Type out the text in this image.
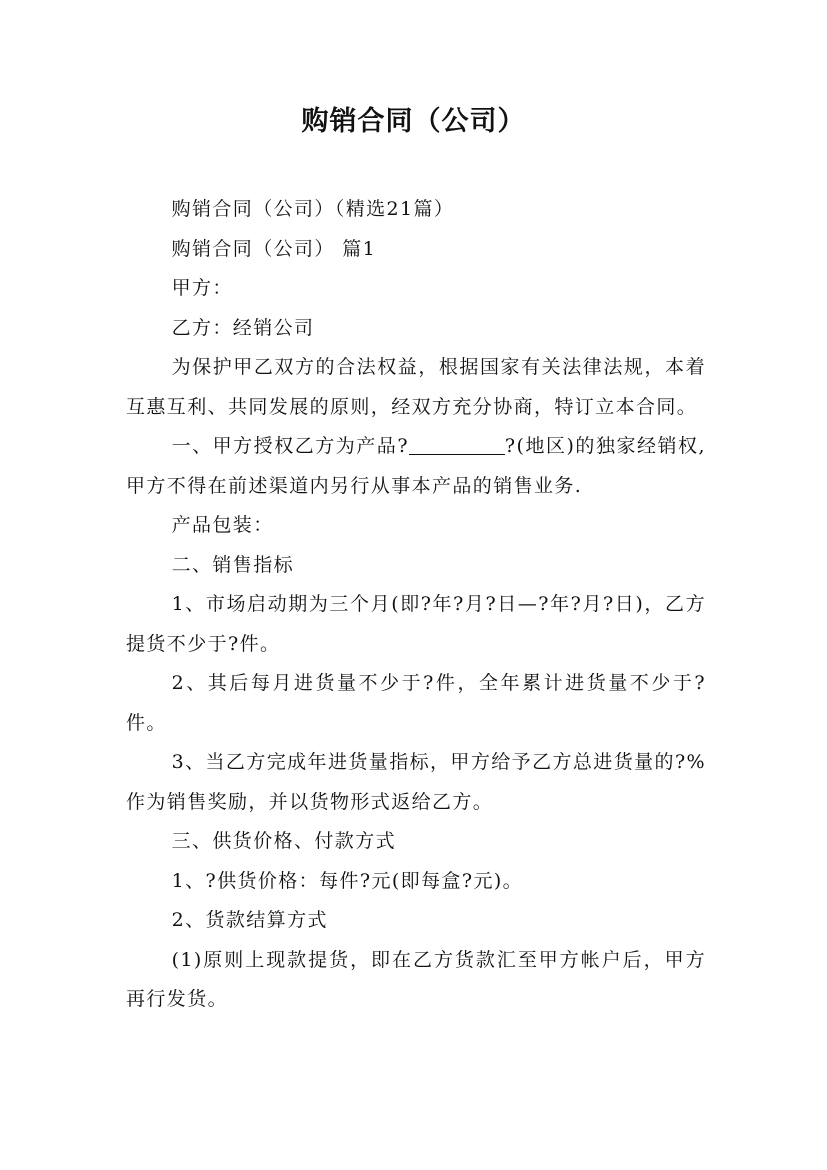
购销合同（公司）

购销合同（公司）（精选21篇）

购销合同（公司） 篇1

甲方：

乙方：经销公司

为保护甲乙双方的合法权益，根据国家有关法律法规，本着互惠互利、共同发展的原则，经双方充分协商，特订立本合同。

一、甲方授权乙方为产品?	?(地区)的独家经销权,甲方不得在前述渠道内另行从事本产品的销售业务.

产品包装：

二、销售指标

1、市场启动期为三个月(即?年?月?日—?年?月?日)，乙方提货不少于?件。

2、其后每月进货量不少于?件，全年累计进货量不少于?件。

3、当乙方完成年进货量指标，甲方给予乙方总进货量的?%作为销售奖励，并以货物形式返给乙方。

三、供货价格、付款方式

1、?供货价格：每件?元(即每盒?元)。

2、货款结算方式

(1)原则上现款提货，即在乙方货款汇至甲方帐户后，甲方再行发货。
